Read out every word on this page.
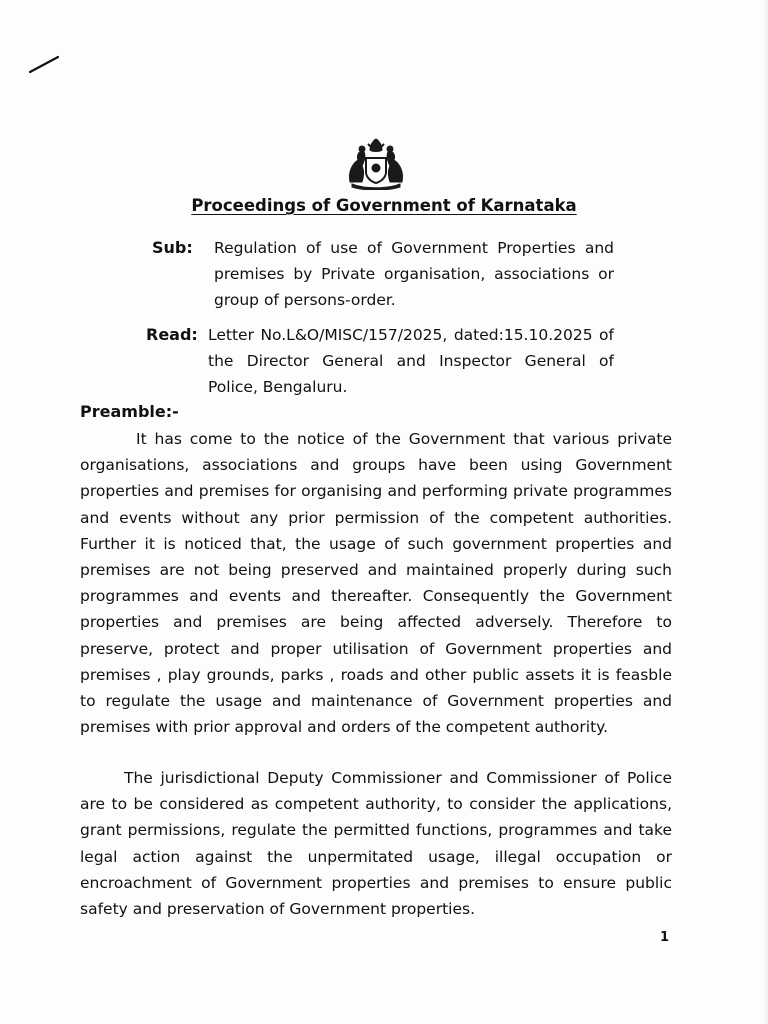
Proceedings of Government of Karnataka
Sub: Regulation of use of Government Properties and premises by Private organisation, associations or group of persons-order.
Read: Letter No.L&O/MISC/157/2025, dated:15.10.2025 of the Director General and Inspector General of Police, Bengaluru.
Preamble:-

It has come to the notice of the Government that various private organisations, associations and groups have been using Government properties and premises for organising and performing private programmes and events without any prior permission of the competent authorities. Further it is noticed that, the usage of such government properties and premises are not being preserved and maintained properly during such programmes and events and thereafter. Consequently the Government properties and premises are being affected adversely. Therefore to preserve, protect and proper utilisation of Government properties and premises , play grounds, parks , roads and other public assets it is feasble to regulate the usage and maintenance of Government properties and premises with prior approval and orders of the competent authority.

The jurisdictional Deputy Commissioner and Commissioner of Police are to be considered as competent authority, to consider the applications, grant permissions, regulate the permitted functions, programmes and take legal action against the unpermitated usage, illegal occupation or encroachment of Government properties and premises to ensure public safety and preservation of Government properties.

1
